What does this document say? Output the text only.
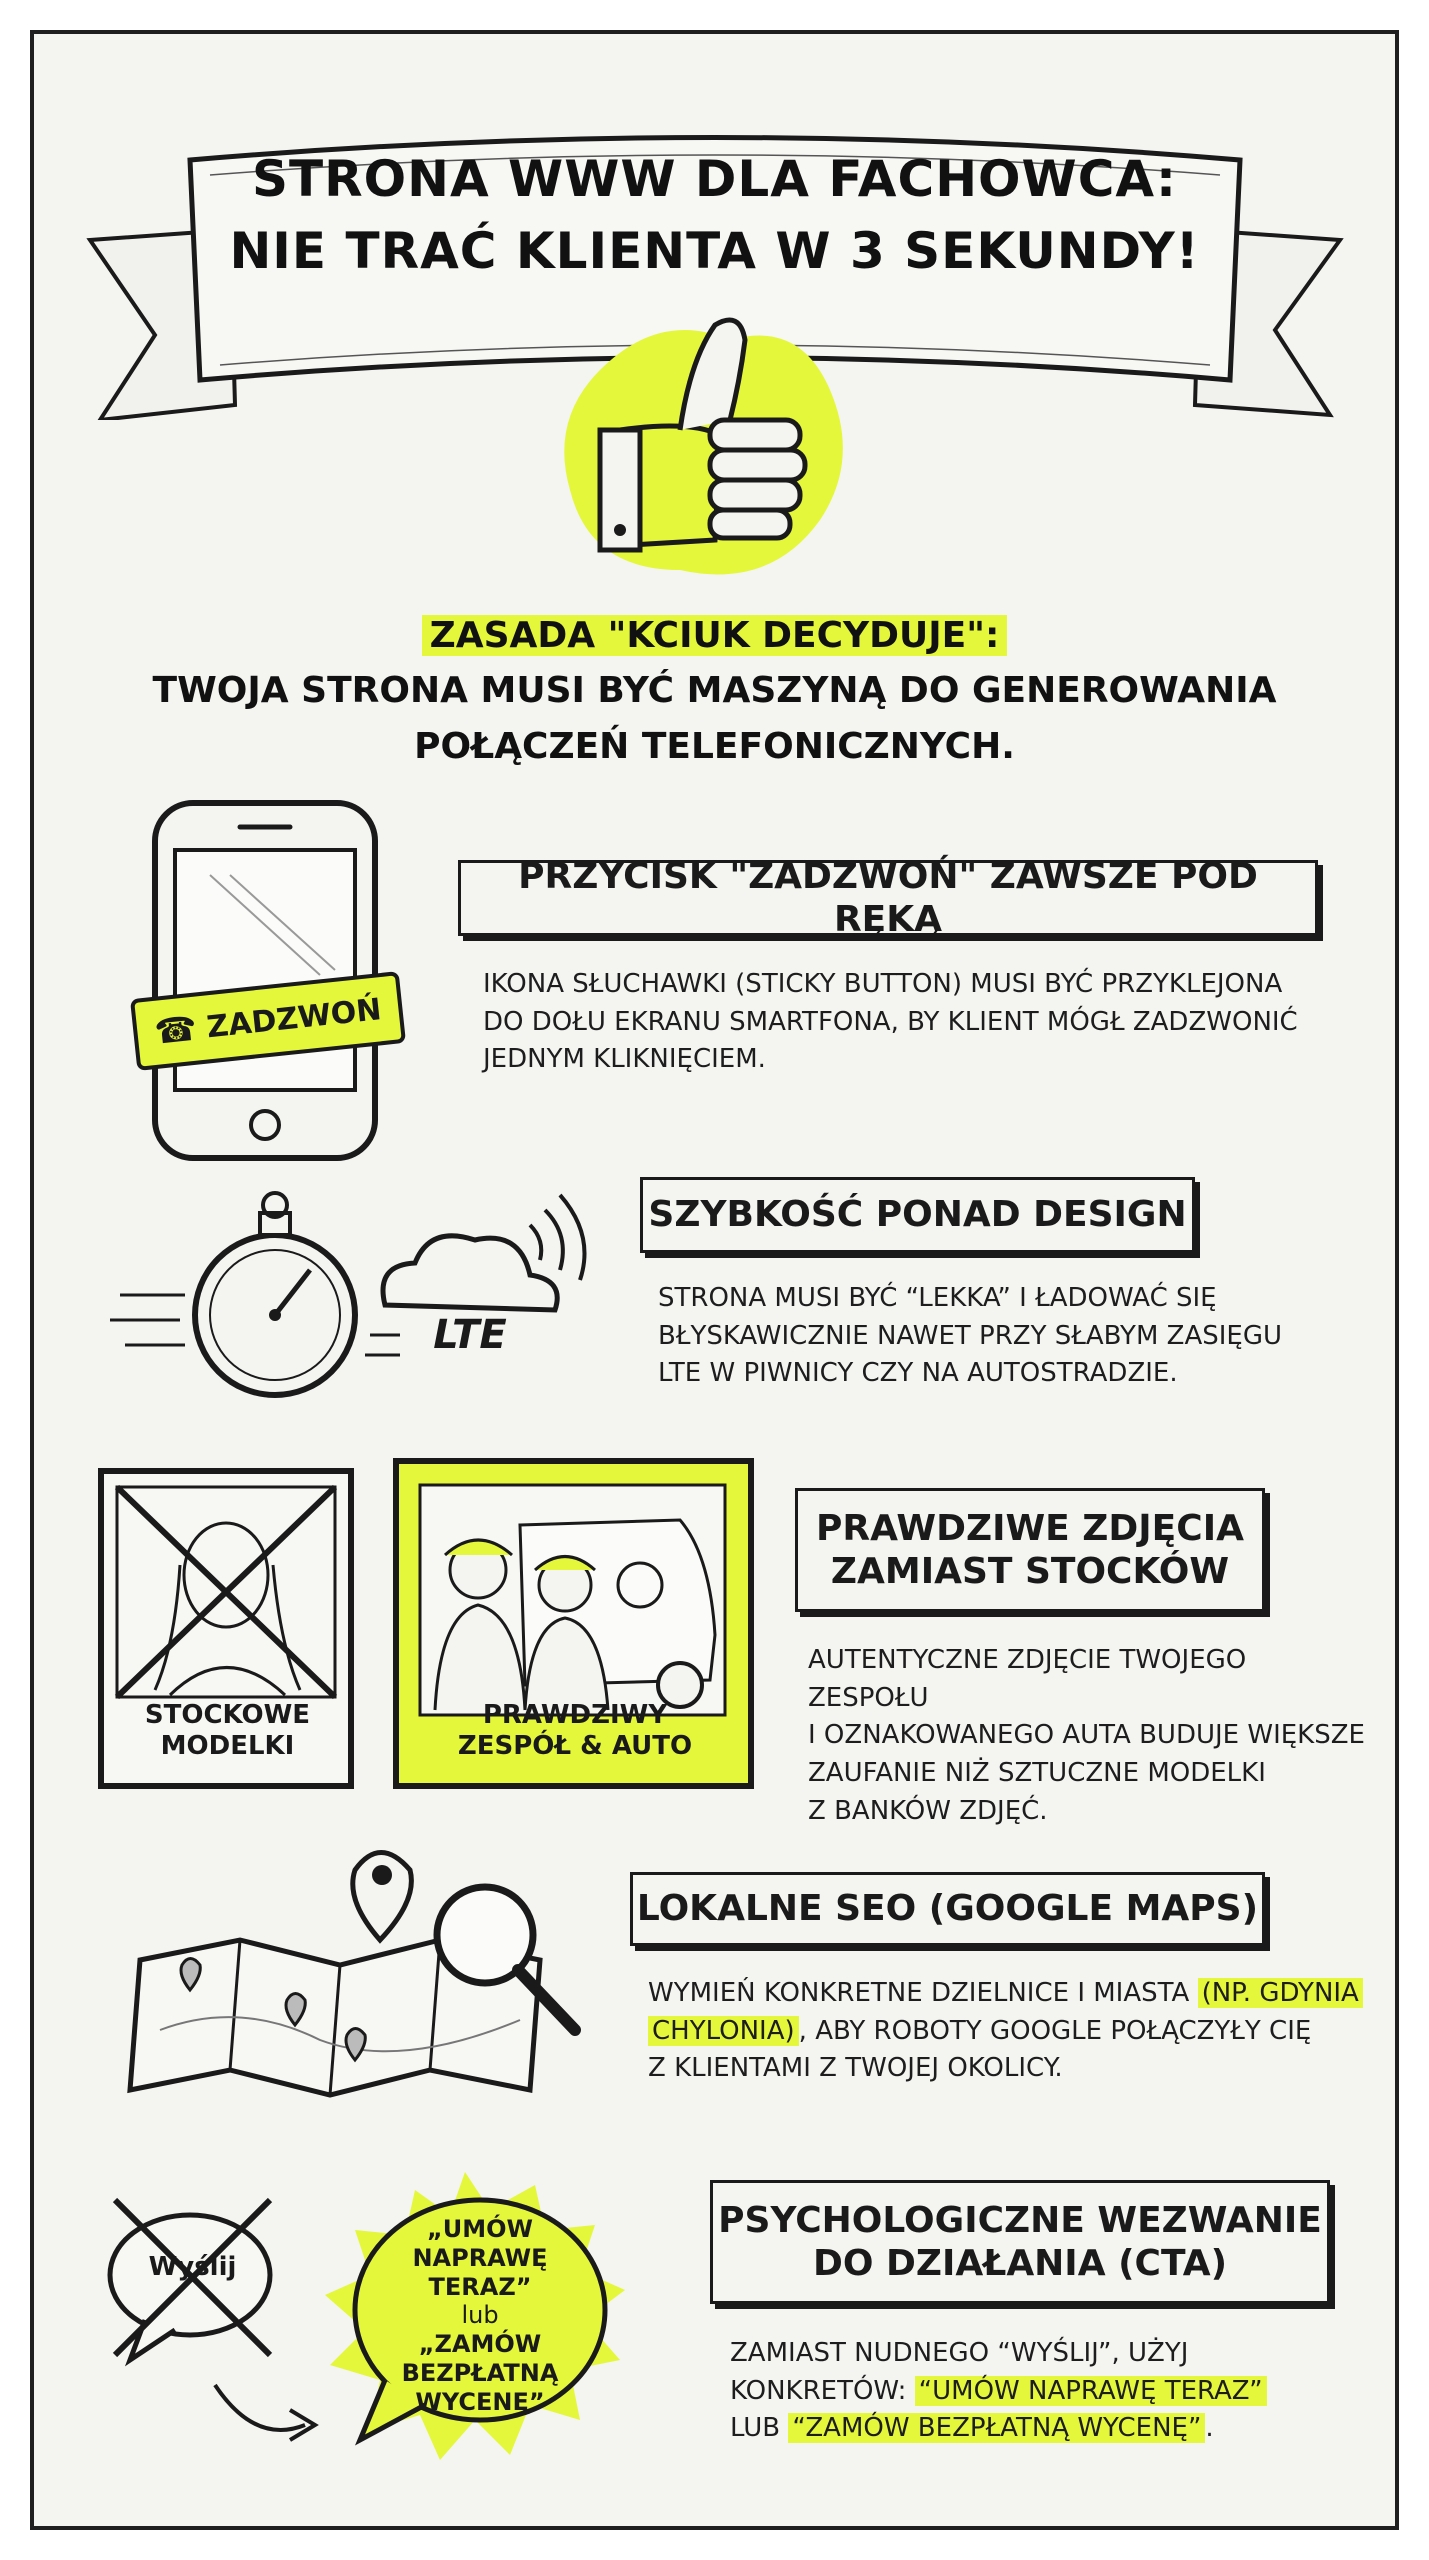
STRONA WWW DLA FACHOWCA:
NIE TRAĆ KLIENTA W 3 SEKUNDY!
ZASADA "KCIUK DECYDUJE":
TWOJA STRONA MUSI BYĆ MASZYNĄ DO GENEROWANIA
POŁĄCZEŃ TELEFONICZNYCH.
☎ ZADZWOŃ
PRZYCISK "ZADZWOŃ" ZAWSZE POD RĘKĄ
IKONA SŁUCHAWKI (STICKY BUTTON) MUSI BYĆ PRZYKLEJONA
DO DOŁU EKRANU SMARTFONA, BY KLIENT MÓGŁ ZADZWONIĆ
JEDNYM KLIKNIĘCIEM.
LTE
SZYBKOŚĆ PONAD DESIGN
STRONA MUSI BYĆ “LEKKA” I ŁADOWAĆ SIĘ
BŁYSKAWICZNIE NAWET PRZY SŁABYM ZASIĘGU
LTE W PIWNICY CZY NA AUTOSTRADZIE.
STOCKOWE
MODELKI
PRAWDZIWY
ZESPÓŁ & AUTO
PRAWDZIWE ZDJĘCIA
ZAMIAST STOCKÓW
AUTENTYCZNE ZDJĘCIE TWOJEGO ZESPOŁU
I OZNAKOWANEGO AUTA BUDUJE WIĘKSZE
ZAUFANIE NIŻ SZTUCZNE MODELKI
Z BANKÓW ZDJĘĆ.
LOKALNE SEO (GOOGLE MAPS)
WYMIEŃ KONKRETNE DZIELNICE I MIASTA (NP. GDYNIA
CHYLONIA) , ABY ROBOTY GOOGLE POŁĄCZYŁY CIĘ
Z KLIENTAMI Z TWOJEJ OKOLICY.
Wyślij
„UMÓW
NAPRAWĘ TERAZ”
lub
„ZAMÓW BEZPŁATNĄ
WYCENĘ”
PSYCHOLOGICZNE WEZWANIE
DO DZIAŁANIA (CTA)
ZAMIAST NUDNEGO “WYŚLIJ”, UŻYJ
KONKRETÓW: “UMÓW NAPRAWĘ TERAZ”
LUB “ZAMÓW BEZPŁATNĄ WYCENĘ” .
